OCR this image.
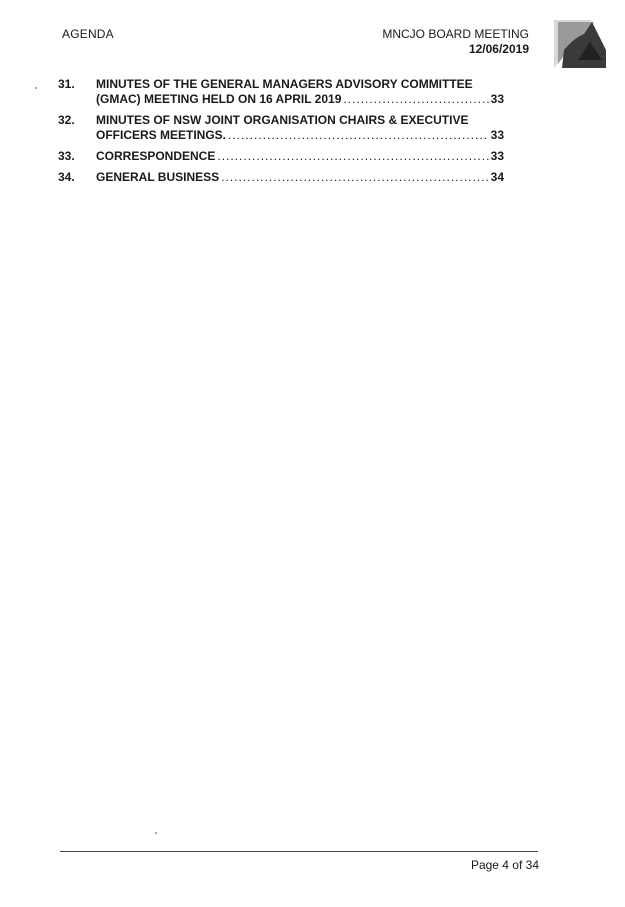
AGENDA	MNCJO BOARD MEETING
12/06/2019
31.	MINUTES OF THE GENERAL MANAGERS ADVISORY COMMITTEE
(GMAC) MEETING HELD ON 16 APRIL 2019 .....	33
32.	MINUTES OF NSW JOINT ORGANISATION CHAIRS & EXECUTIVE
OFFICERS MEETINGS. .....	33
33.	CORRESPONDENCE .....	33
34.	GENERAL BUSINESS .....	34
Page 4 of 34
